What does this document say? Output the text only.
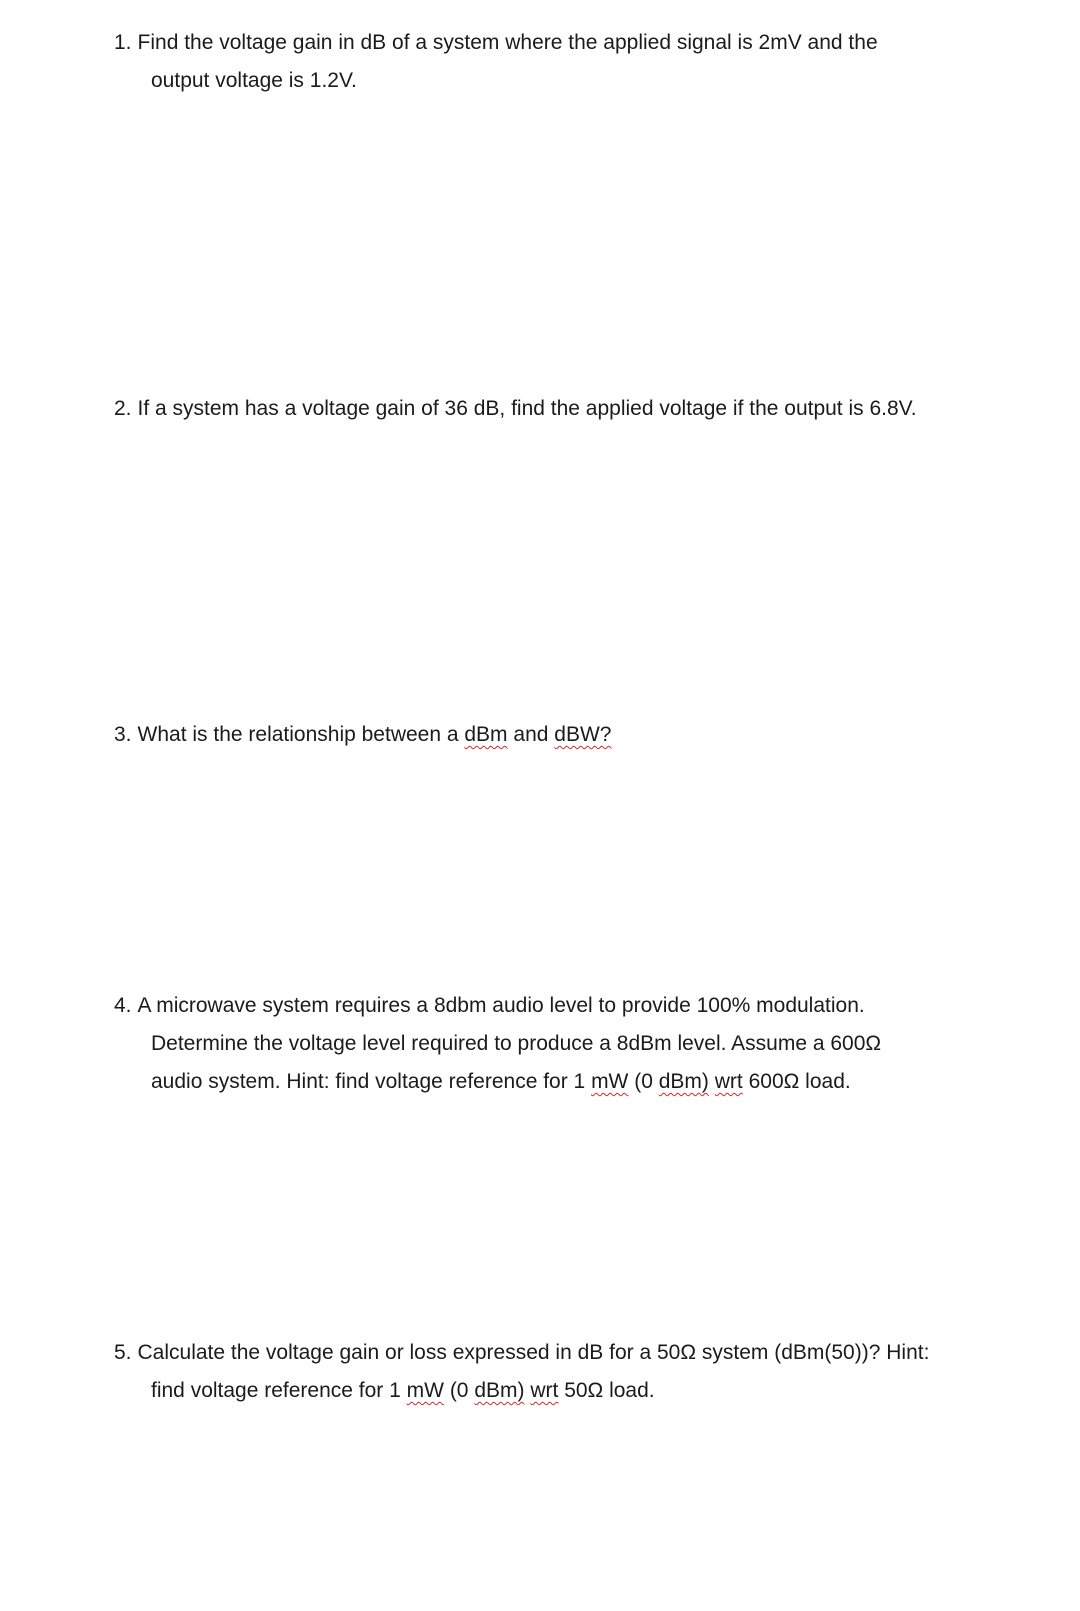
1. Find the voltage gain in dB of a system where the applied signal is 2mV and the
output voltage is 1.2V.
2. If a system has a voltage gain of 36 dB, find the applied voltage if the output is 6.8V.
3. What is the relationship between a dBm and dBW?
4. A microwave system requires a 8dbm audio level to provide 100% modulation.
Determine the voltage level required to produce a 8dBm level. Assume a 600Ω
audio system. Hint: find voltage reference for 1 mW (0 dBm) wrt 600Ω load.
5. Calculate the voltage gain or loss expressed in dB for a 50Ω system (dBm(50))? Hint:
find voltage reference for 1 mW (0 dBm) wrt 50Ω load.
